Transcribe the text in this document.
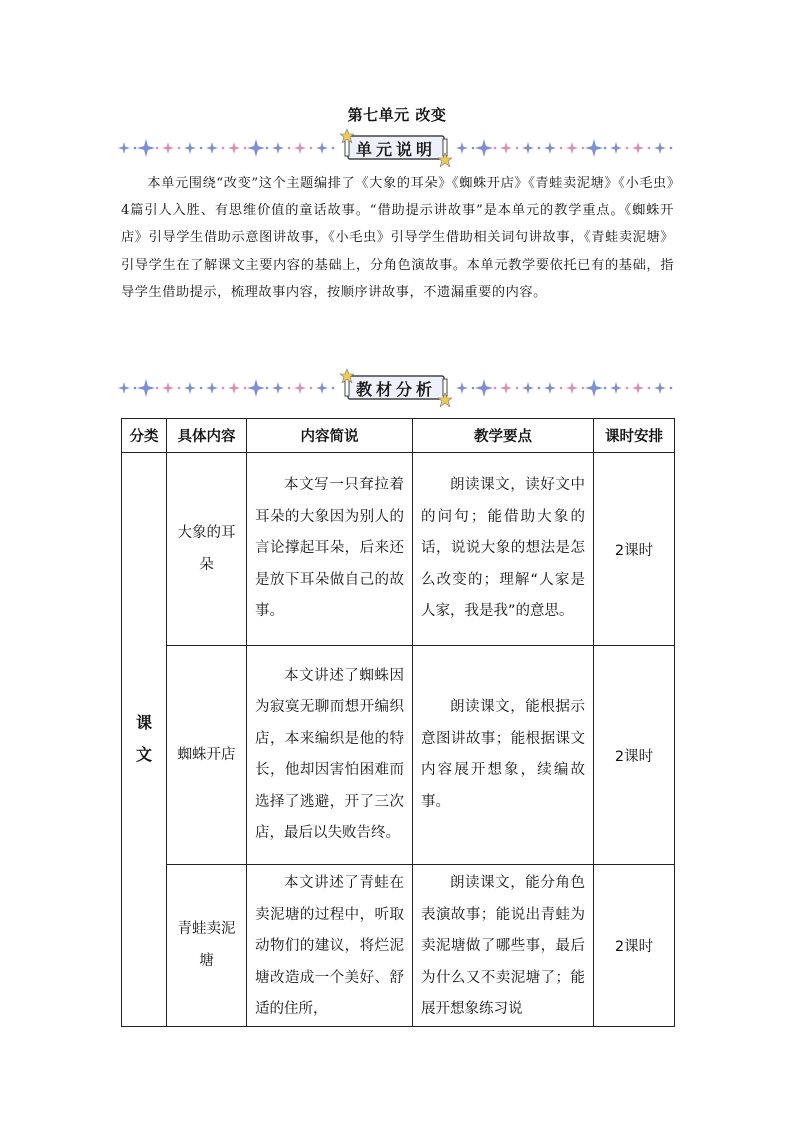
第七单元 改变
单元说明
本单元围绕“改变”这个主题编排了《大象的耳朵》《蜘蛛开店》《青蛙卖泥塘》《小毛虫》4篇引人入胜、有思维价值的童话故事。“借助提示讲故事”是本单元的教学重点。《蜘蛛开店》引导学生借助示意图讲故事，《小毛虫》引导学生借助相关词句讲故事，《青蛙卖泥塘》引导学生在了解课文主要内容的基础上，分角色演故事。本单元教学要依托已有的基础，指导学生借助提示，梳理故事内容，按顺序讲故事，不遗漏重要的内容。
教材分析
分类	具体内容	内容简说	教学要点	课时安排

课文	大象的耳朵	本文写一只耷拉着耳朵的大象因为别人的言论撑起耳朵，后来还是放下耳朵做自己的故事。	朗读课文，读好文中的问句；能借助大象的话，说说大象的想法是怎么改变的；理解“人家是人家，我是我”的意思。	2课时
	蜘蛛开店	本文讲述了蜘蛛因为寂寞无聊而想开编织店，本来编织是他的特长，他却因害怕困难而选择了逃避，开了三次店，最后以失败告终。	朗读课文，能根据示意图讲故事；能根据课文内容展开想象，续编故事。	2课时
	青蛙卖泥塘	本文讲述了青蛙在卖泥塘的过程中，听取动物们的建议，将烂泥塘改造成一个美好、舒适的住所，	朗读课文，能分角色表演故事；能说出青蛙为卖泥塘做了哪些事，最后为什么又不卖泥塘了；能展开想象练习说	2课时
